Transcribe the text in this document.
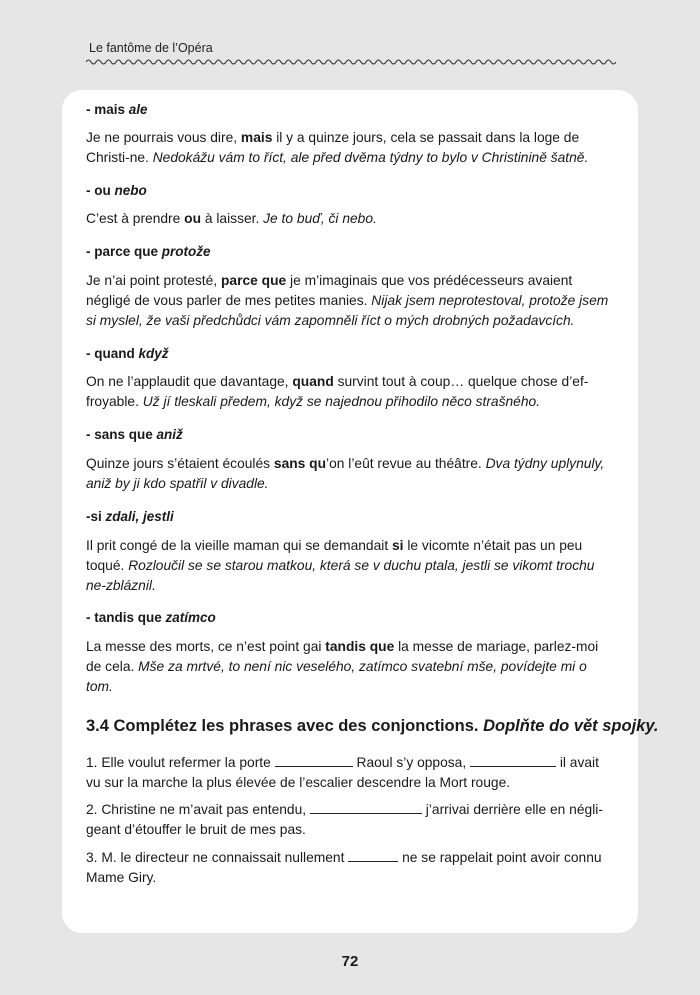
Le fantôme de l’Opéra
- mais ale

Je ne pourrais vous dire, mais il y a quinze jours, cela se passait dans la loge de Christi-ne. Nedokážu vám to říct, ale před dvěma týdny to bylo v Christinině šatně.

- ou nebo

C’est à prendre ou à laisser. Je to buď, či nebo.

- parce que protože

Je n’ai point protesté, parce que je m’imaginais que vos prédécesseurs avaient négligé de vous parler de mes petites manies. Nijak jsem neprotestoval, protože jsem si myslel, že vaši předchůdci vám zapomněli říct o mých drobných požadavcích.

- quand když

On ne l’applaudit que davantage, quand survint tout à coup… quelque chose d’ef-froyable. Už jí tleskali předem, když se najednou přihodilo něco strašného.

- sans que aniž

Quinze jours s’étaient écoulés sans qu’on l’eût revue au théâtre. Dva týdny uplynuly, aniž by ji kdo spatřil v divadle.

-si zdali, jestli

Il prit congé de la vieille maman qui se demandait si le vicomte n’était pas un peu toqué. Rozloučil se se starou matkou, která se v duchu ptala, jestli se vikomt trochu ne-zbláznil.

- tandis que zatímco

La messe des morts, ce n’est point gai tandis que la messe de mariage, parlez-moi de cela. Mše za mrtvé, to není nic veselého, zatímco svatební mše, povídejte mi o tom.

3.4 Complétez les phrases avec des conjonctions. Doplňte do vět spojky.

1. Elle voulut refermer la porte	Raoul s’y opposa,	il avait vu sur la marche la plus élevée de l’escalier descendre la Mort rouge.

2. Christine ne m’avait pas entendu,	j’arrivai derrière elle en négli-geant d’étouffer le bruit de mes pas.

3. M. le directeur ne connaissait nullement	ne se rappelait point avoir connu Mame Giry.

72
